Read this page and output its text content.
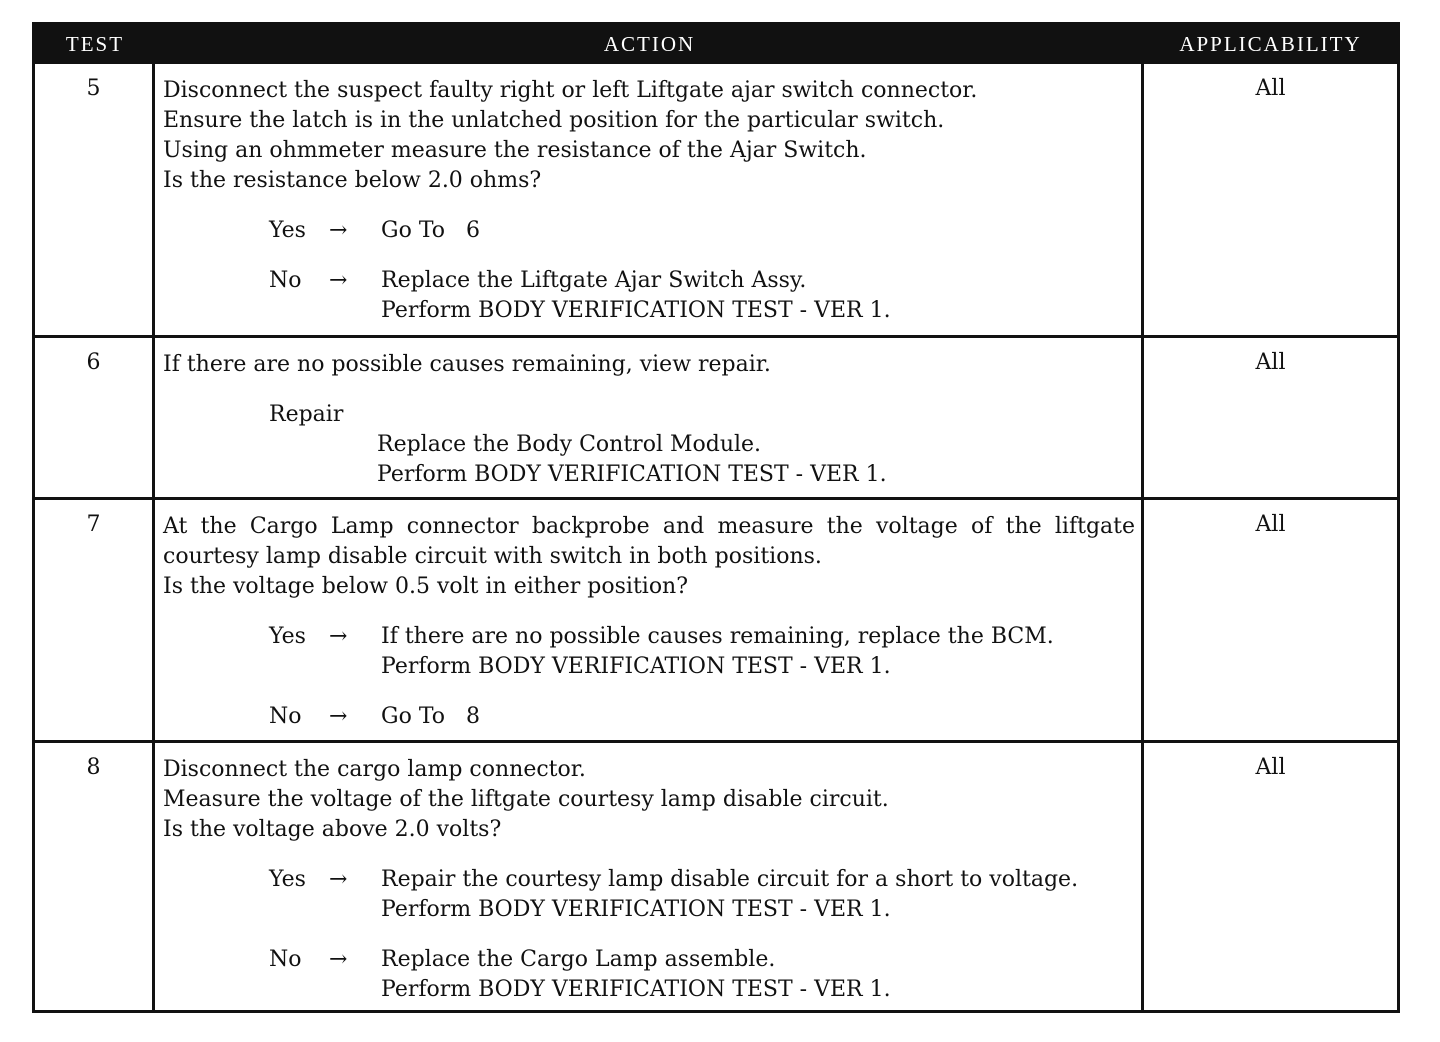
TEST	ACTION	APPLICABILITY
5	Disconnect the suspect faulty right or left Liftgate ajar switch connector.
Ensure the latch is in the unlatched position for the particular switch.
Using an ohmmeter measure the resistance of the Ajar Switch.
Is the resistance below 2.0 ohms?
Yes → Go To   6
No → Replace the Liftgate Ajar Switch Assy.
Perform BODY VERIFICATION TEST - VER 1.
All
6	If there are no possible causes remaining, view repair.
Repair
Replace the Body Control Module.
Perform BODY VERIFICATION TEST - VER 1.
All
7	At the Cargo Lamp connector backprobe and measure the voltage of the liftgate
courtesy lamp disable circuit with switch in both positions.
Is the voltage below 0.5 volt in either position?
Yes → If there are no possible causes remaining, replace the BCM.
Perform BODY VERIFICATION TEST - VER 1.
No → Go To   8
All
8	Disconnect the cargo lamp connector.
Measure the voltage of the liftgate courtesy lamp disable circuit.
Is the voltage above 2.0 volts?
Yes → Repair the courtesy lamp disable circuit for a short to voltage.
Perform BODY VERIFICATION TEST - VER 1.
No → Replace the Cargo Lamp assemble.
Perform BODY VERIFICATION TEST - VER 1.
All
